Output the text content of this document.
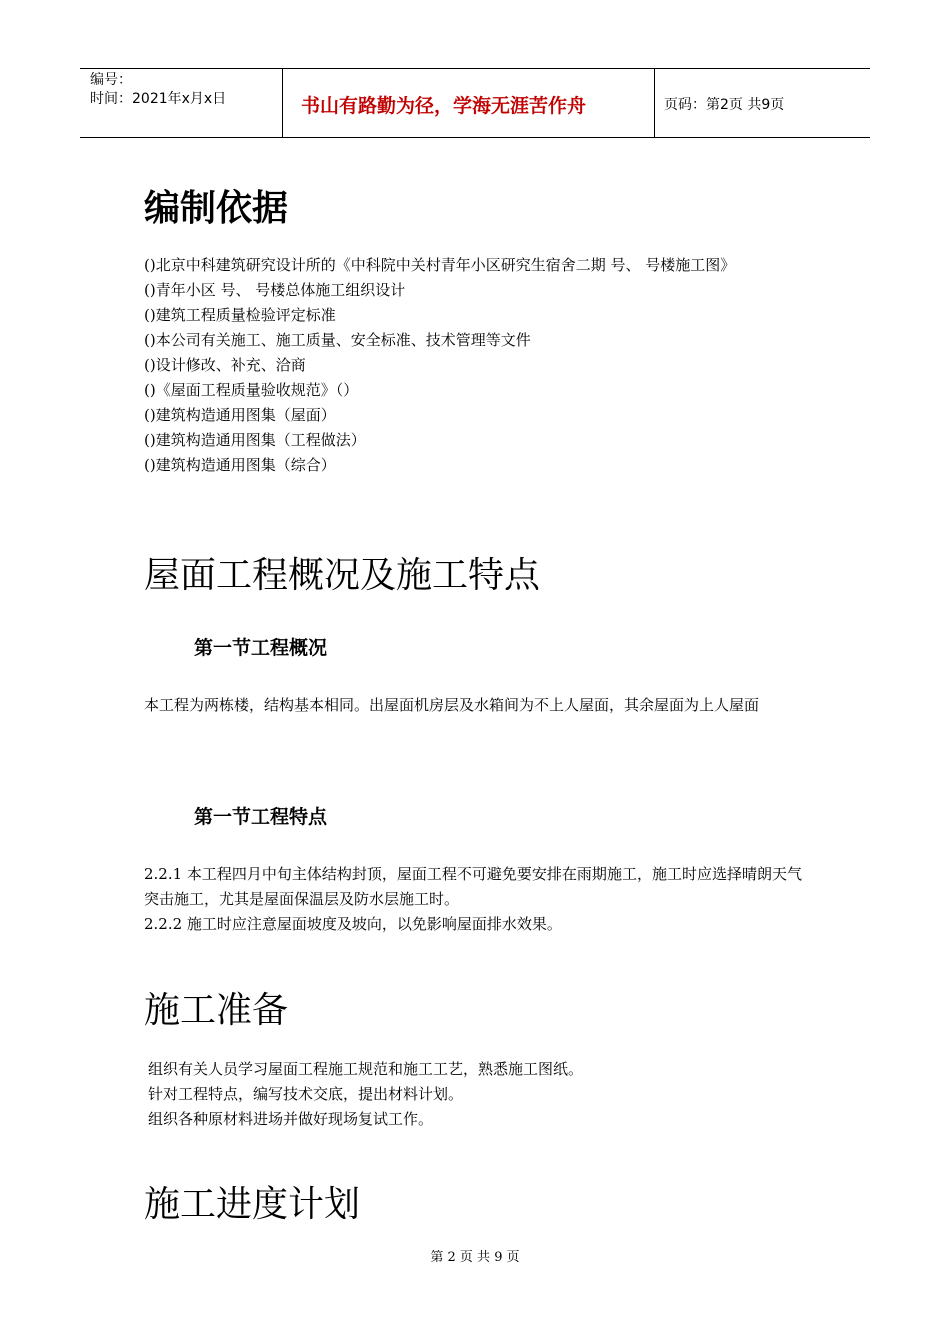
编号：
时间：2021年x月x日	书山有路勤为径，学海无涯苦作舟	页码：第2页 共9页
编制依据
()北京中科建筑研究设计所的《中科院中关村青年小区研究生宿舍二期 号、 号楼施工图》
()青年小区 号、 号楼总体施工组织设计
()建筑工程质量检验评定标准
()本公司有关施工、施工质量、安全标准、技术管理等文件
()设计修改、补充、洽商
()《屋面工程质量验收规范》（）
()建筑构造通用图集（屋面）
()建筑构造通用图集（工程做法）
()建筑构造通用图集（综合）
屋面工程概况及施工特点
第一节工程概况

本工程为两栋楼，结构基本相同。出屋面机房层及水箱间为不上人屋面，其余屋面为上人屋面

第一节工程特点
2.2.1 本工程四月中旬主体结构封顶，屋面工程不可避免要安排在雨期施工，施工时应选择晴朗天气突击施工，尤其是屋面保温层及防水层施工时。
2.2.2 施工时应注意屋面坡度及坡向，以免影响屋面排水效果。
施工准备
组织有关人员学习屋面工程施工规范和施工工艺，熟悉施工图纸。
针对工程特点，编写技术交底，提出材料计划。
组织各种原材料进场并做好现场复试工作。
施工进度计划
第 2 页 共 9 页
